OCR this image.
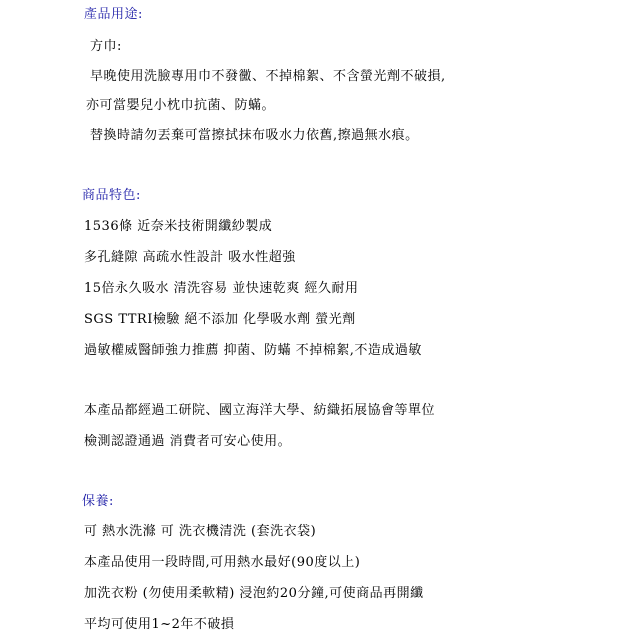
產品用途:
方巾:
早晚使用洗臉專用巾不發黴、不掉棉絮、不含螢光劑不破損,
亦可當嬰兒小枕巾抗菌、防蟎。
替換時請勿丟棄可當擦拭抹布吸水力依舊,擦過無水痕。
商品特色:
1536條 近奈米技術開纖紗製成
多孔縫隙 高疏水性設計 吸水性超強
15倍永久吸水 清洗容易 並快速乾爽 經久耐用
SGS TTRI檢驗 絕不添加 化學吸水劑 螢光劑
過敏權威醫師強力推薦 抑菌、防蟎 不掉棉絮,不造成過敏
本產品都經過工研院、國立海洋大學、紡織拓展協會等單位
檢測認證通過 消費者可安心使用。
保養:
可 熱水洗滌 可 洗衣機清洗 (套洗衣袋)
本產品使用一段時間,可用熱水最好(90度以上)
加洗衣粉 (勿使用柔軟精) 浸泡約20分鐘,可使商品再開纖
平均可使用1~2年不破損
